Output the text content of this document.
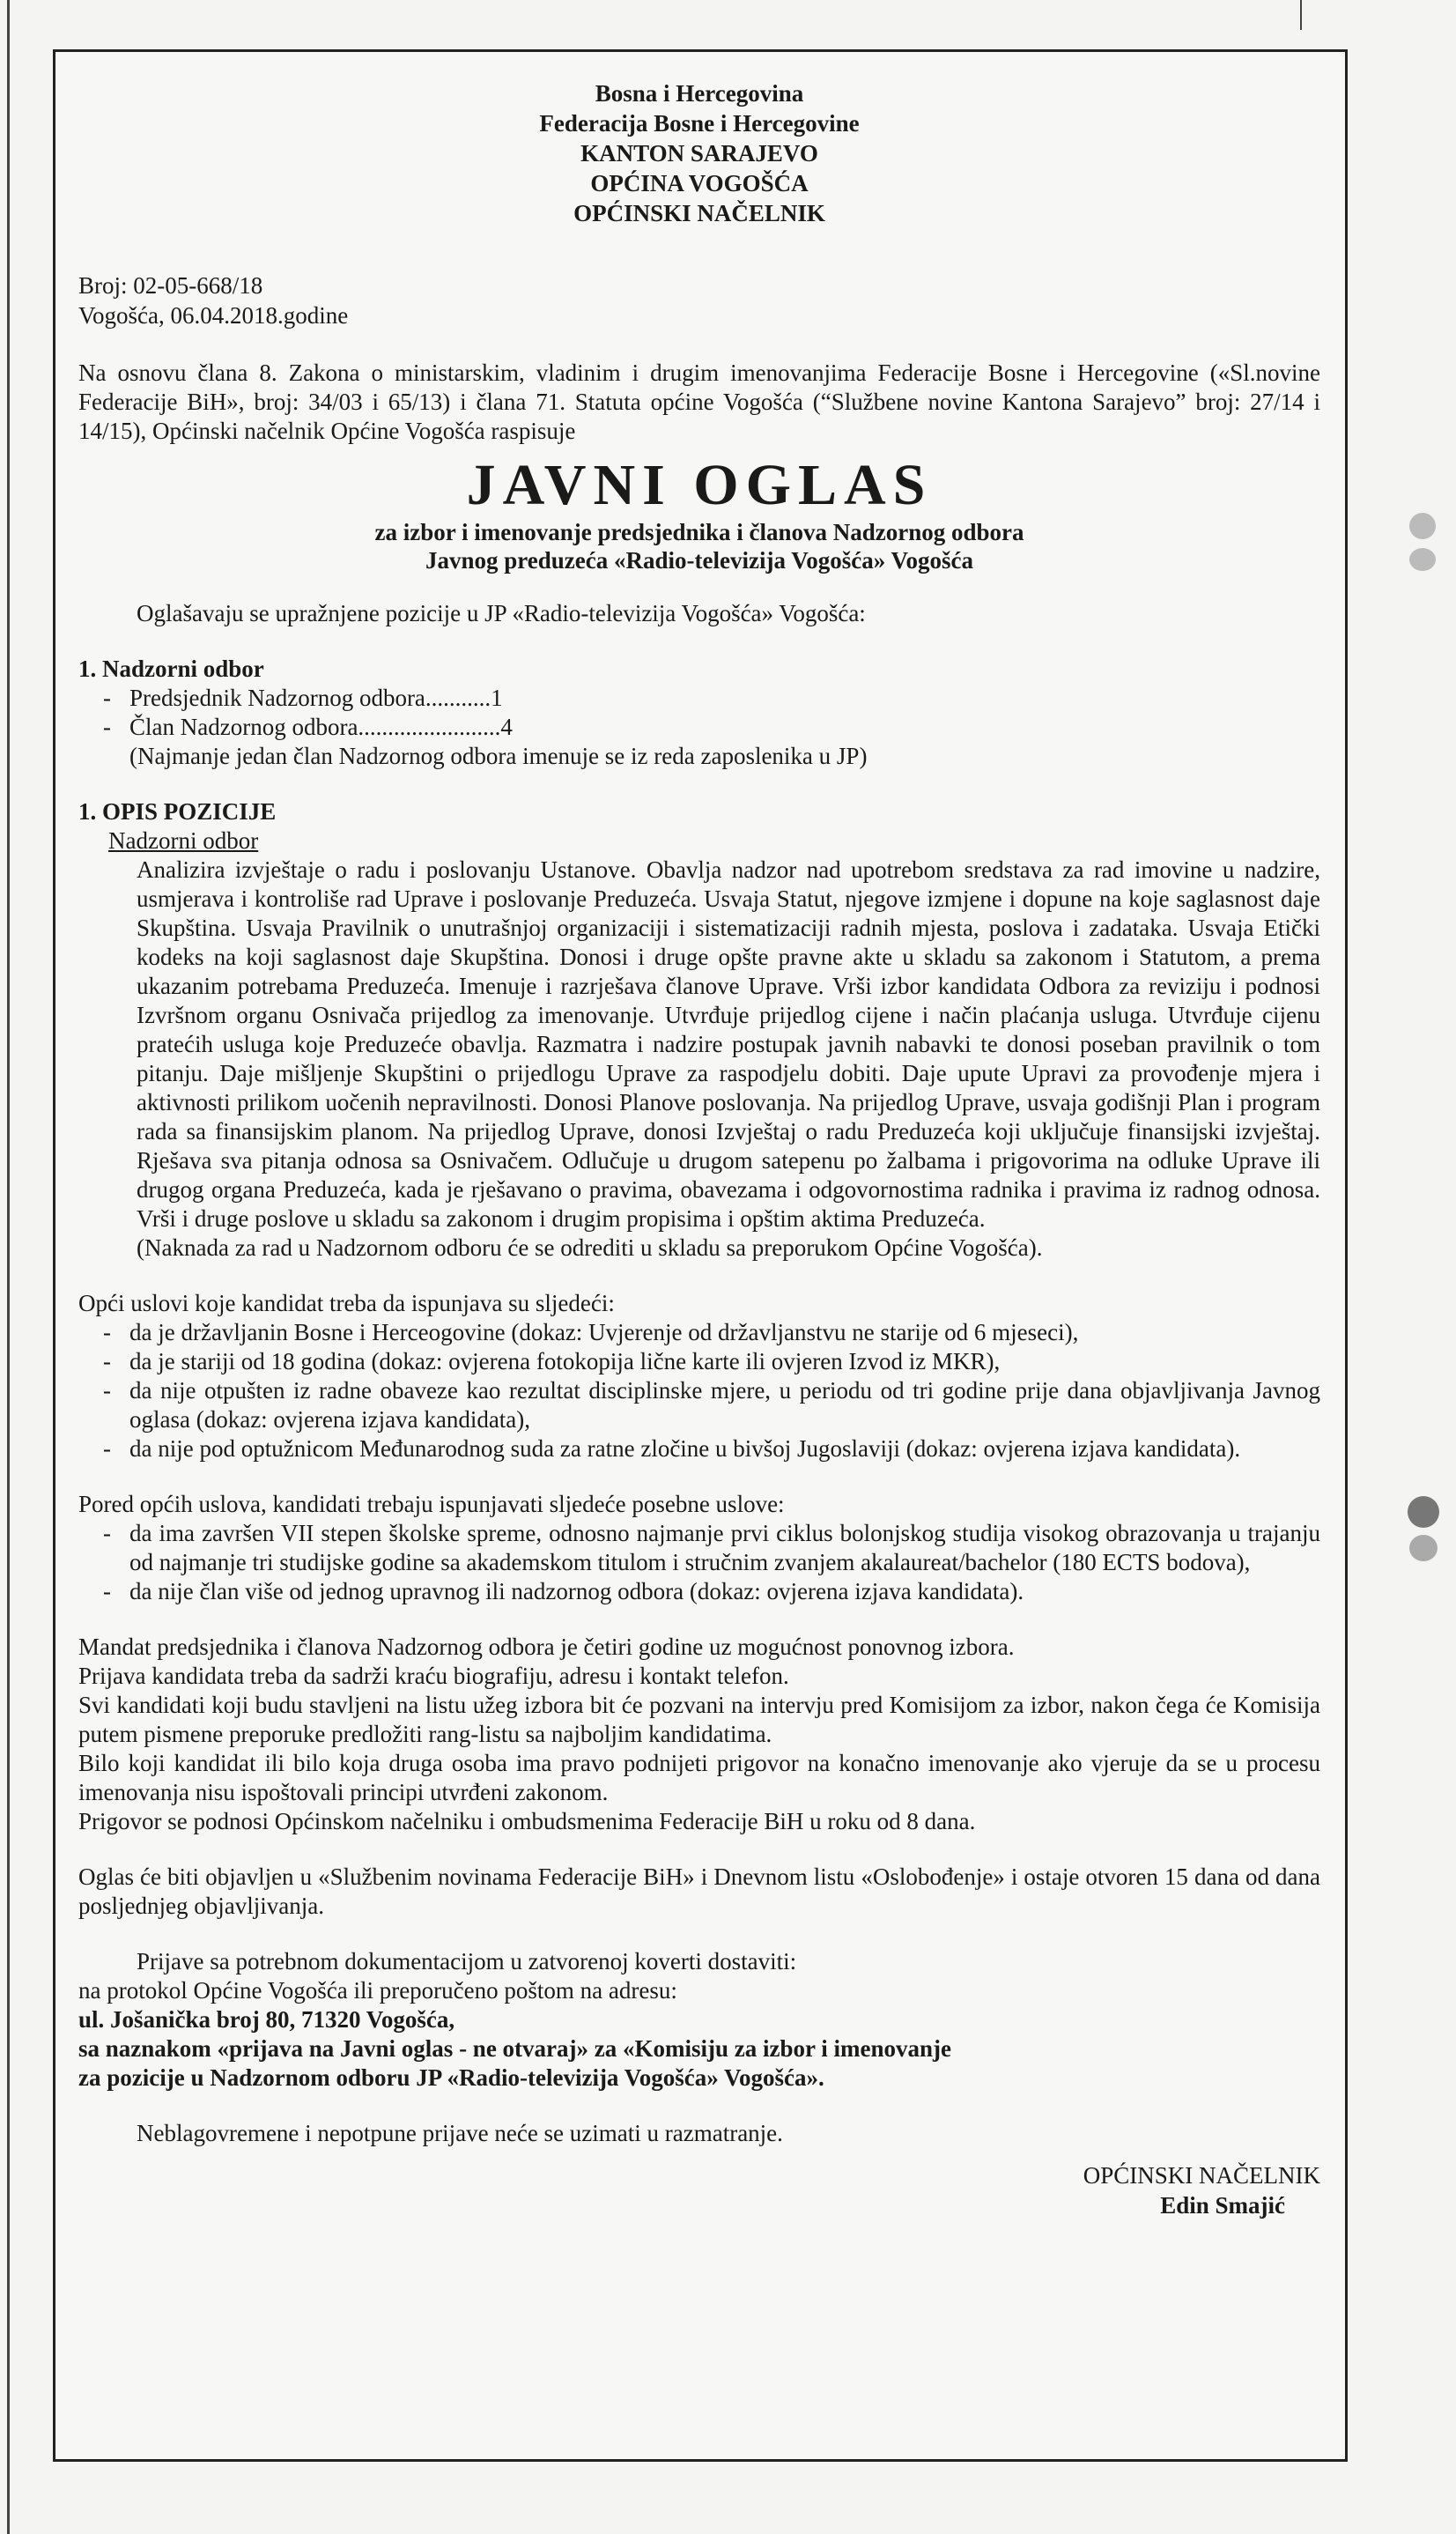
Bosna i Hercegovina
Federacija Bosne i Hercegovine
KANTON SARAJEVO
OPĆINA VOGOŠĆA
OPĆINSKI NAČELNIK
Broj: 02-05-668/18
Vogošća, 06.04.2018.godine

Na osnovu člana 8. Zakona o ministarskim, vladinim i drugim imenovanjima Federacije Bosne i Hercegovine («Sl.novine Federacije BiH», broj: 34/03 i 65/13) i člana 71. Statuta općine Vogošća (“Službene novine Kantona Sarajevo” broj: 27/14 i 14/15), Općinski načelnik Općine Vogošća raspisuje

JAVNI OGLAS
za izbor i imenovanje predsjednika i članova Nadzornog odbora
Javnog preduzeća «Radio-televizija Vogošća» Vogošća

Oglašavaju se upražnjene pozicije u JP «Radio-televizija Vogošća» Vogošća:

1. Nadzorni odbor
- Predsjednik Nadzornog odbora...........1
- Član Nadzornog odbora........................4

(Najmanje jedan član Nadzornog odbora imenuje se iz reda zaposlenika u JP)

1. OPIS POZICIJE

Nadzorni odbor

Analizira izvještaje o radu i poslovanju Ustanove. Obavlja nadzor nad upotrebom sredstava za rad imovine u nadzire, usmjerava i kontroliše rad Uprave i poslovanje Preduzeća. Usvaja Statut, njegove izmjene i dopune na koje saglasnost daje Skupština. Usvaja Pravilnik o unutrašnjoj organizaciji i sistematizaciji radnih mjesta, poslova i zadataka. Usvaja Etički kodeks na koji saglasnost daje Skupština. Donosi i druge opšte pravne akte u skladu sa zakonom i Statutom, a prema ukazanim potrebama Preduzeća. Imenuje i razrješava članove Uprave. Vrši izbor kandidata Odbora za reviziju i podnosi Izvršnom organu Osnivača prijedlog za imenovanje. Utvrđuje prijedlog cijene i način plaćanja usluga. Utvrđuje cijenu pratećih usluga koje Preduzeće obavlja. Razmatra i nadzire postupak javnih nabavki te donosi poseban pravilnik o tom pitanju. Daje mišljenje Skupštini o prijedlogu Uprave za raspodjelu dobiti. Daje upute Upravi za provođenje mjera i aktivnosti prilikom uočenih nepravilnosti. Donosi Planove poslovanja. Na prijedlog Uprave, usvaja godišnji Plan i program rada sa finansijskim planom. Na prijedlog Uprave, donosi Izvještaj o radu Preduzeća koji uključuje finansijski izvještaj. Rješava sva pitanja odnosa sa Osnivačem. Odlučuje u drugom satepenu po žalbama i prigovorima na odluke Uprave ili drugog organa Preduzeća, kada je rješavano o pravima, obavezama i odgovornostima radnika i pravima iz radnog odnosa. Vrši i druge poslove u skladu sa zakonom i drugim propisima i opštim aktima Preduzeća.

(Naknada za rad u Nadzornom odboru će se odrediti u skladu sa preporukom Općine Vogošća).

Opći uslovi koje kandidat treba da ispunjava su sljedeći:

- da je državljanin Bosne i Herceogovine (dokaz: Uvjerenje od državljanstvu ne starije od 6 mjeseci),
- da je stariji od 18 godina (dokaz: ovjerena fotokopija lične karte ili ovjeren Izvod iz MKR),
- da nije otpušten iz radne obaveze kao rezultat disciplinske mjere, u periodu od tri godine prije dana objavljivanja Javnog oglasa (dokaz: ovjerena izjava kandidata),
- da nije pod optužnicom Međunarodnog suda za ratne zločine u bivšoj Jugoslaviji (dokaz: ovjerena izjava kandidata).

Pored općih uslova, kandidati trebaju ispunjavati sljedeće posebne uslove:

- da ima završen VII stepen školske spreme, odnosno najmanje prvi ciklus bolonjskog studija visokog obrazovanja u trajanju od najmanje tri studijske godine sa akademskom titulom i stručnim zvanjem akalaureat/bachelor (180 ECTS bodova),
- da nije član više od jednog upravnog ili nadzornog odbora (dokaz: ovjerena izjava kandidata).

Mandat predsjednika i članova Nadzornog odbora je četiri godine uz mogućnost ponovnog izbora.

Prijava kandidata treba da sadrži kraću biografiju, adresu i kontakt telefon.

Svi kandidati koji budu stavljeni na listu užeg izbora bit će pozvani na intervju pred Komisijom za izbor, nakon čega će Komisija putem pismene preporuke predložiti rang-listu sa najboljim kandidatima.

Bilo koji kandidat ili bilo koja druga osoba ima pravo podnijeti prigovor na konačno imenovanje ako vjeruje da se u procesu imenovanja nisu ispoštovali principi utvrđeni zakonom.

Prigovor se podnosi Općinskom načelniku i ombudsmenima Federacije BiH u roku od 8 dana.

Oglas će biti objavljen u «Službenim novinama Federacije BiH» i Dnevnom listu «Oslobođenje» i ostaje otvoren 15 dana od dana posljednjeg objavljivanja.

Prijave sa potrebnom dokumentacijom u zatvorenoj koverti dostaviti:

na protokol Općine Vogošća ili preporučeno poštom na adresu:

ul. Jošanička broj 80, 71320 Vogošća,

sa naznakom «prijava na Javni oglas - ne otvaraj» za «Komisiju za izbor i imenovanje

za pozicije u Nadzornom odboru JP «Radio-televizija Vogošća» Vogošća».

Neblagovremene i nepotpune prijave neće se uzimati u razmatranje.

OPĆINSKI NAČELNIK
Edin Smajić
